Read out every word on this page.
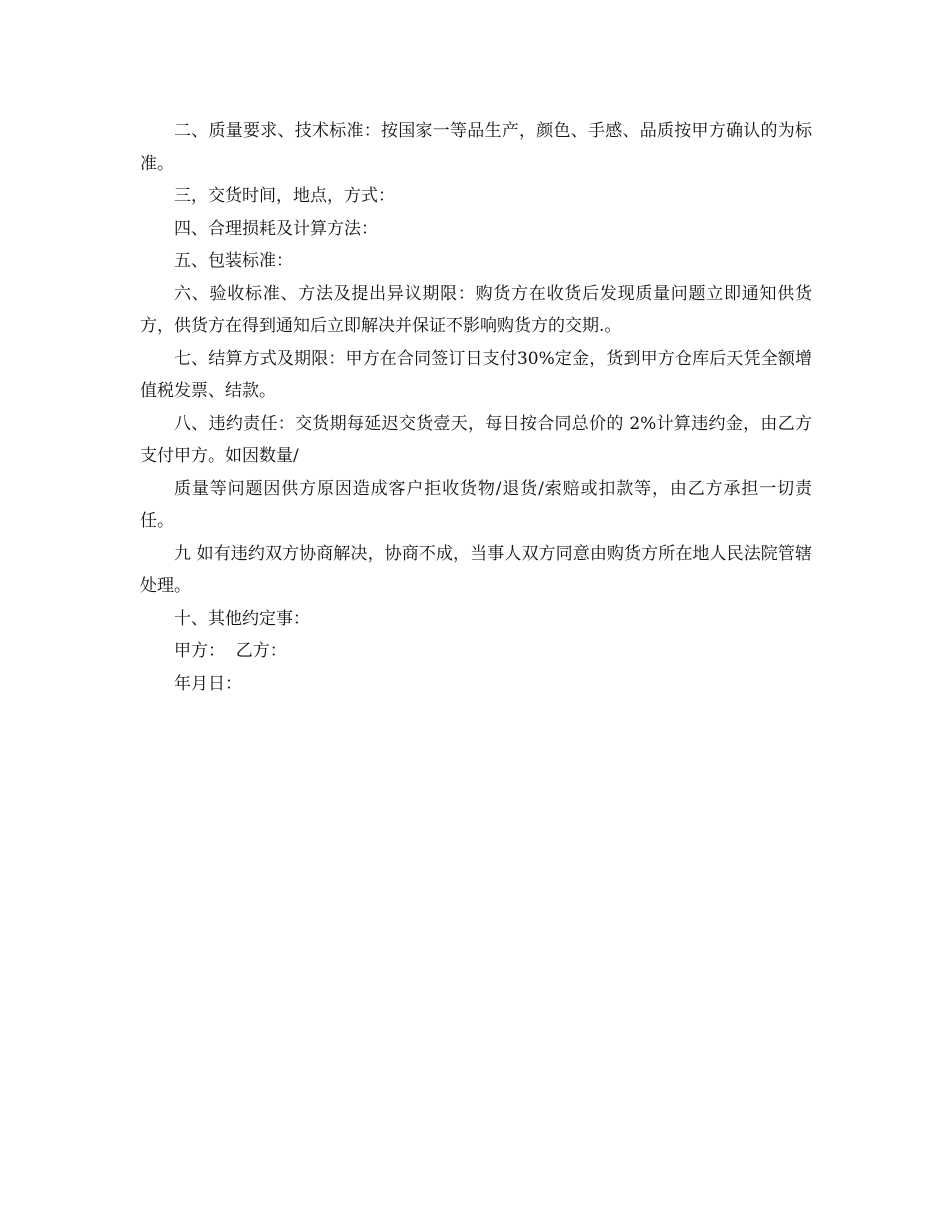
二、质量要求、技术标准：按国家一等品生产，颜色、手感、品质按甲方确认的为标准。

三，交货时间，地点，方式：

四、合理损耗及计算方法：

五、包装标准：

六、验收标准、方法及提出异议期限：购货方在收货后发现质量问题立即通知供货方，供货方在得到通知后立即解决并保证不影响购货方的交期.。

七、结算方式及期限：甲方在合同签订日支付30%定金，货到甲方仓库后天凭全额增值税发票、结款。

八、违约责任：交货期每延迟交货壹天，每日按合同总价的 2%计算违约金，由乙方支付甲方。如因数量/

质量等问题因供方原因造成客户拒收货物/退货/索赔或扣款等，由乙方承担一切责任。

九 如有违约双方协商解决，协商不成，当事人双方同意由购货方所在地人民法院管辖处理。

十、其他约定事：

甲方：  乙方：

年月日：
